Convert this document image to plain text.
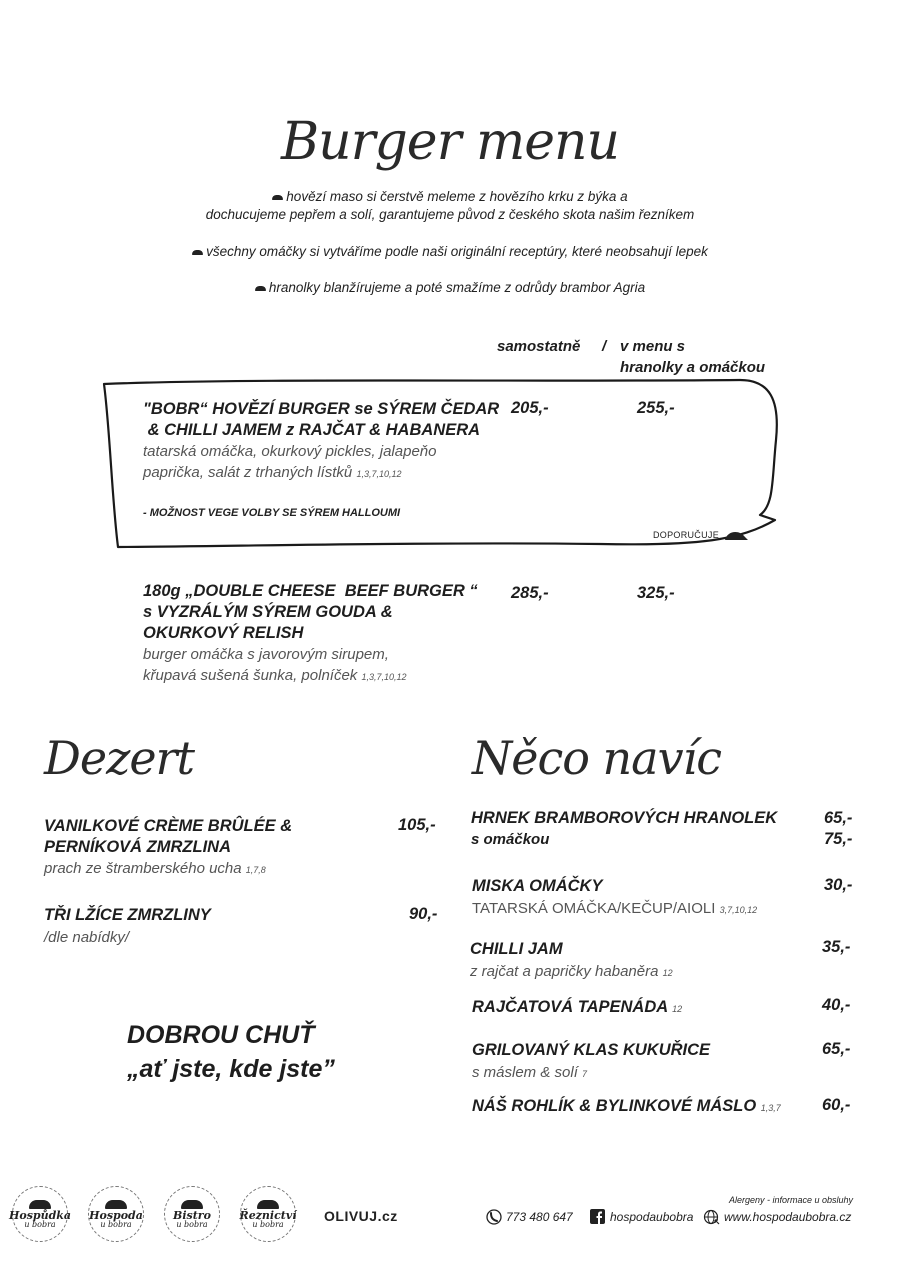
Burger menu
hovězí maso si čerstvě meleme z hovězího krku z býka a
dochucujeme pepřem a solí, garantujeme původ z českého skota našim řezníkem
všechny omáčky si vytváříme podle naši originální receptúry, které neobsahují lepek
hranolky blanžírujeme a poté smažíme z odrůdy brambor Agria
samostatně / v menu s
hranolky a omáčkou
"BOBR“ HOVĚZÍ BURGER se SÝREM ČEDAR
& CHILLI JAMEM z RAJČAT & HABANERA
tatarská omáčka, okurkový pickles, jalapeňo
paprička, salát z trhaných lístků 1,3,7,10,12
205,-	255,-
- MOŽNOST VEGE VOLBY SE SÝREM HALLOUMI
DOPORUČUJE
180g „DOUBLE CHEESE  BEEF BURGER “
s VYZRÁLÝM SÝREM GOUDA &
OKURKOVÝ RELISH
burger omáčka s javorovým sirupem,
křupavá sušená šunka, polníček 1,3,7,10,12
285,-	325,-
Dezert
VANILKOVÉ CRÈME BRÛLÉE &
PERNÍKOVÁ ZMRZLINA
prach ze štramberského ucha 1,7,8
105,-
TŘI LŽÍCE ZMRZLINY
/dle nabídky/
90,-
DOBROU CHUŤ
„ať jste, kde jste”
Něco navíc
HRNEK BRAMBOROVÝCH HRANOLEK
s omáčkou
65,-
75,-
MISKA OMÁČKY
TATARSKÁ OMÁČKA/KEČUP/AIOLI 3,7,10,12
30,-
CHILLI JAM
z rajčat a papričky habaněra 12
35,-
RAJČATOVÁ TAPENÁDA 12	40,-
GRILOVANÝ KLAS KUKUŘICE
s máslem & solí 7
65,-
NÁŠ ROHLÍK & BYLINKOVÉ MÁSLO 1,3,7 60,-
Hospůdka
u bobra
Hospoda
u bobra
Bistro
u bobra
Řeznictví
u bobra	OLIVUJ.cz
Alergeny - informace u obsluhy
773 480 647	hospodaubobra	www.hospodaubobra.cz
